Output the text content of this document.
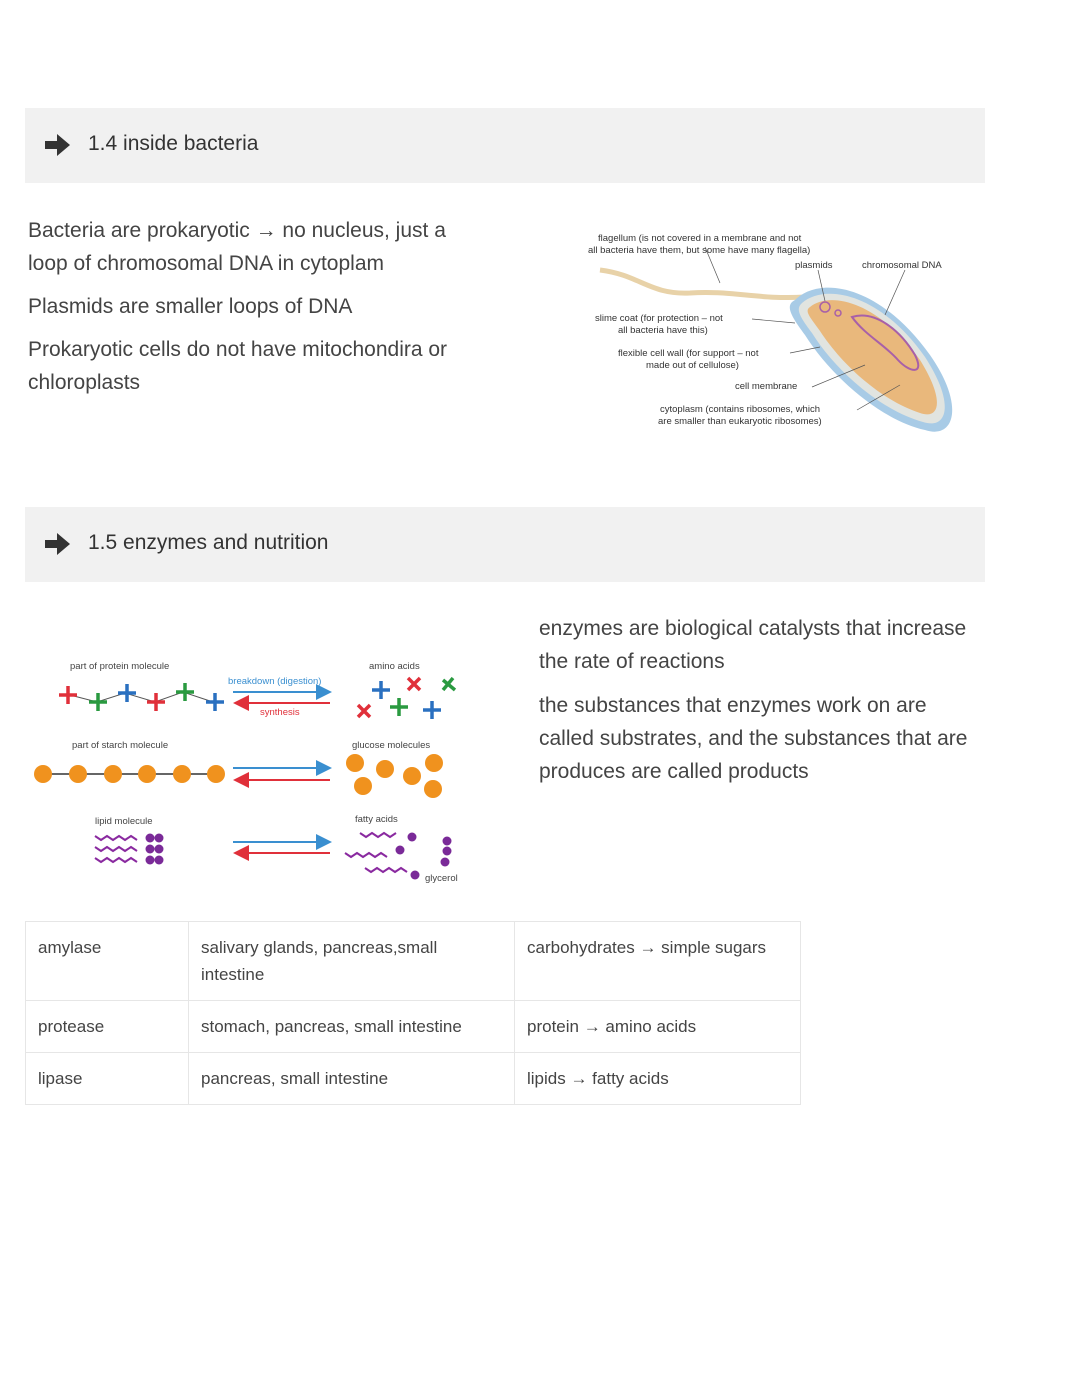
1.4 inside bacteria
Bacteria are prokaryotic → no nucleus, just a loop of chromosomal DNA in cytoplam
Plasmids are smaller loops of DNA
Prokaryotic cells do not have mitochondira or chloroplasts
flagellum (is not covered in a membrane and not
all bacteria have them, but some have many flagella)
plasmids	chromosomal DNA
slime coat (for protection – not
all bacteria have this)
flexible cell wall (for support – not
made out of cellulose)
cell membrane
cytoplasm (contains ribosomes, which
are smaller than eukaryotic ribosomes)
1.5 enzymes and nutrition
part of protein molecule	amino acids
breakdown (digestion)
synthesis
part of starch molecule	glucose molecules
lipid molecule	fatty acids
glycerol
enzymes are biological catalysts that increase the rate of reactions
the substances that enzymes work on are called substrates, and the substances that are produces are called products
amylase	salivary glands, pancreas,small intestine	carbohydrates → simple sugars
protease	stomach, pancreas, small intestine	protein → amino acids
lipase	pancreas, small intestine	lipids → fatty acids
